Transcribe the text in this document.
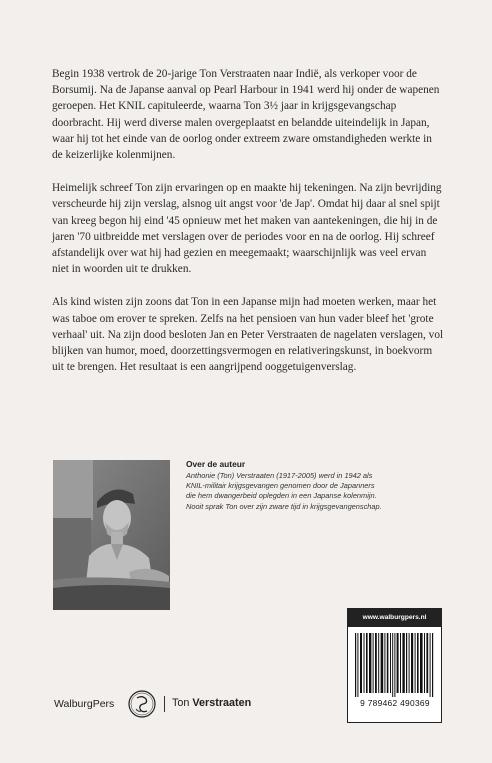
Begin 1938 vertrok de 20-jarige Ton Verstraaten naar Indië, als verkoper voor de Borsumij. Na de Japanse aanval op Pearl Harbour in 1941 werd hij onder de wapenen geroepen. Het KNIL capituleerde, waarna Ton 3½ jaar in krijgsgevangschap doorbracht. Hij werd diverse malen overgeplaatst en belandde uiteindelijk in Japan, waar hij tot het einde van de oorlog onder extreem zware omstandigheden werkte in de keizerlijke kolenmijnen.

Heimelijk schreef Ton zijn ervaringen op en maakte hij tekeningen. Na zijn bevrijding verscheurde hij zijn verslag, alsnog uit angst voor 'de Jap'. Omdat hij daar al snel spijt van kreeg begon hij eind '45 opnieuw met het maken van aantekeningen, die hij in de jaren '70 uitbreidde met verslagen over de periodes voor en na de oorlog. Hij schreef afstandelijk over wat hij had gezien en meegemaakt; waarschijnlijk was veel ervan niet in woorden uit te drukken.

Als kind wisten zijn zoons dat Ton in een Japanse mijn had moeten werken, maar het was taboe om erover te spreken. Zelfs na het pensioen van hun vader bleef het 'grote verhaal' uit. Na zijn dood besloten Jan en Peter Verstraaten de nagelaten verslagen, vol blijken van humor, moed, doorzettingsvermogen en relativeringskunst, in boekvorm uit te brengen. Het resultaat is een aangrijpend ooggetuigenverslag.

Over de auteur

Anthonie (Ton) Verstraaten (1917-2005) werd in 1942 als KNIL-militair krijgsgevangen genomen door de Japanners die hem dwangerbeid oplegden in een Japanse kolenmijn. Nooit sprak Ton over zijn zware tijd in krijgsgevangenschap.

www.walburgpers.nl
9 789462 490369
WalburgPers	Ton Verstraaten
